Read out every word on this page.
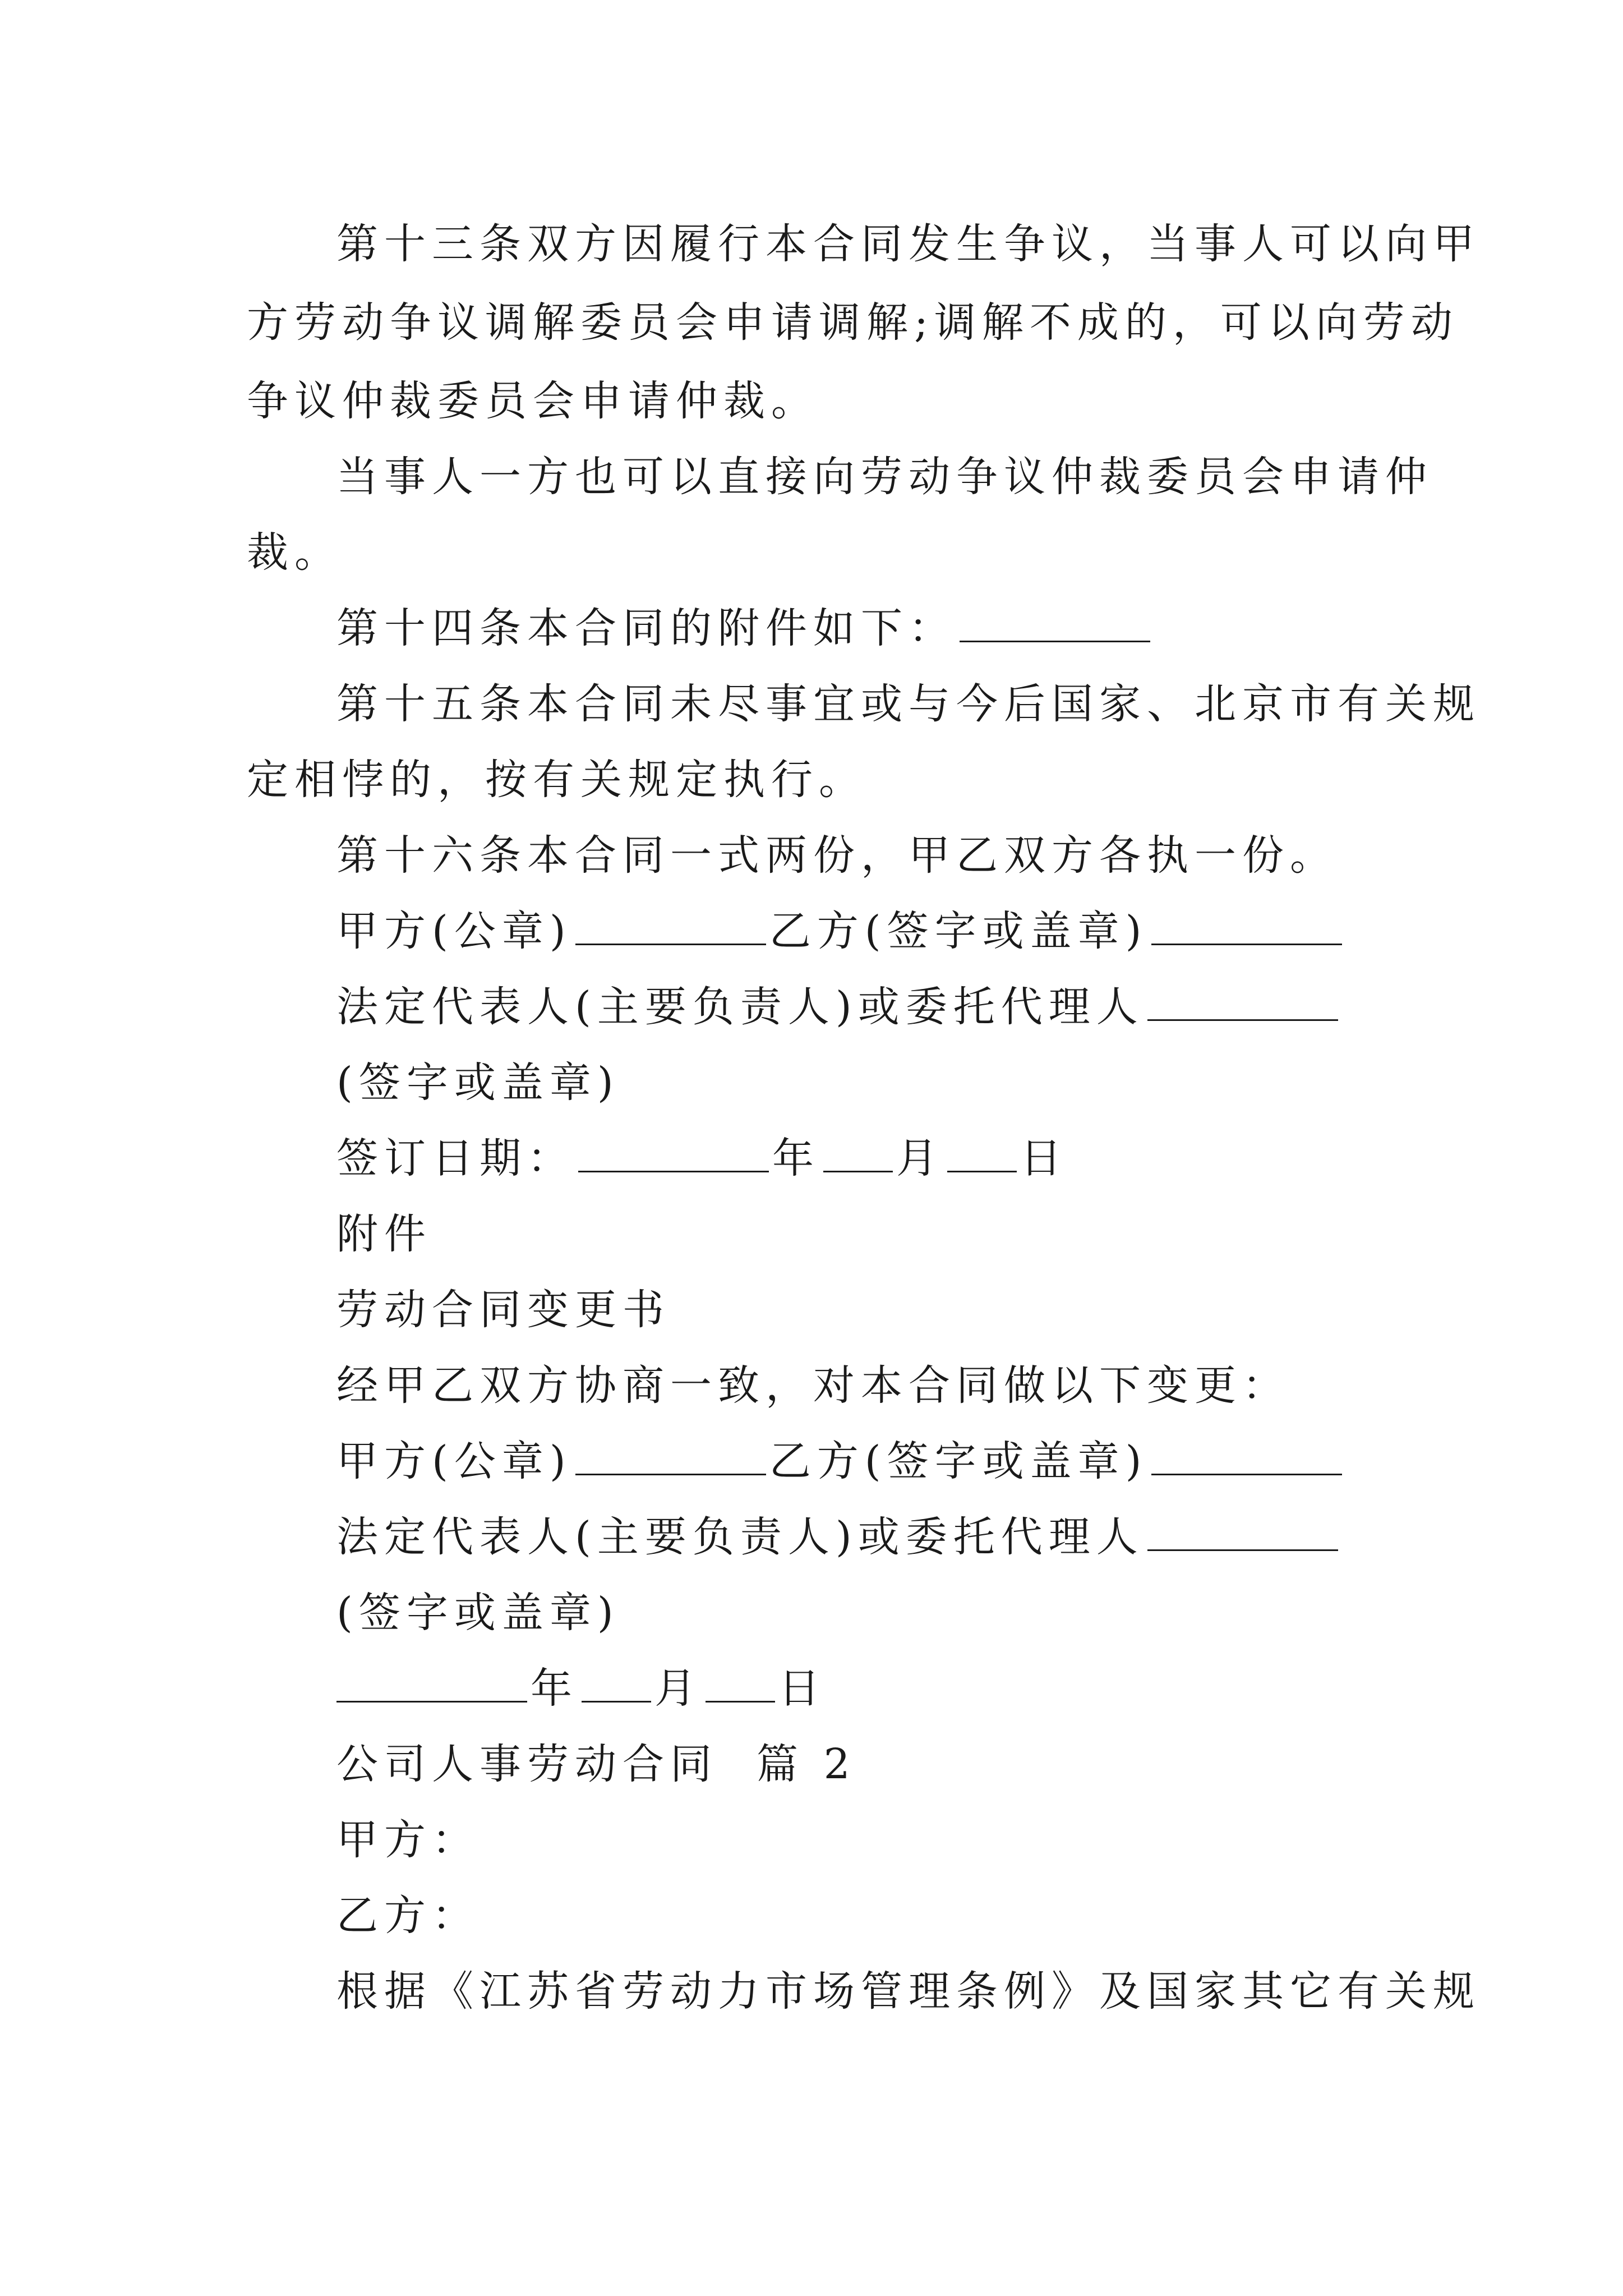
第十三条双方因履行本合同发生争议，当事人可以向甲
方劳动争议调解委员会申请调解;调解不成的，可以向劳动
争议仲裁委员会申请仲裁。
当事人一方也可以直接向劳动争议仲裁委员会申请仲
裁。
第十四条本合同的附件如下：
第十五条本合同未尽事宜或与今后国家、北京市有关规
定相悖的，按有关规定执行。
第十六条本合同一式两份，甲乙双方各执一份。
甲方(公章)	乙方(签字或盖章)
法定代表人(主要负责人)或委托代理人
(签字或盖章)
签订日期：	年 月 日
附件
劳动合同变更书
经甲乙双方协商一致，对本合同做以下变更：
甲方(公章)	乙方(签字或盖章)
法定代表人(主要负责人)或委托代理人
(签字或盖章)
年 月 日
公司人事劳动合同  篇 2
甲方：
乙方：
根据《江苏省劳动力市场管理条例》及国家其它有关规
